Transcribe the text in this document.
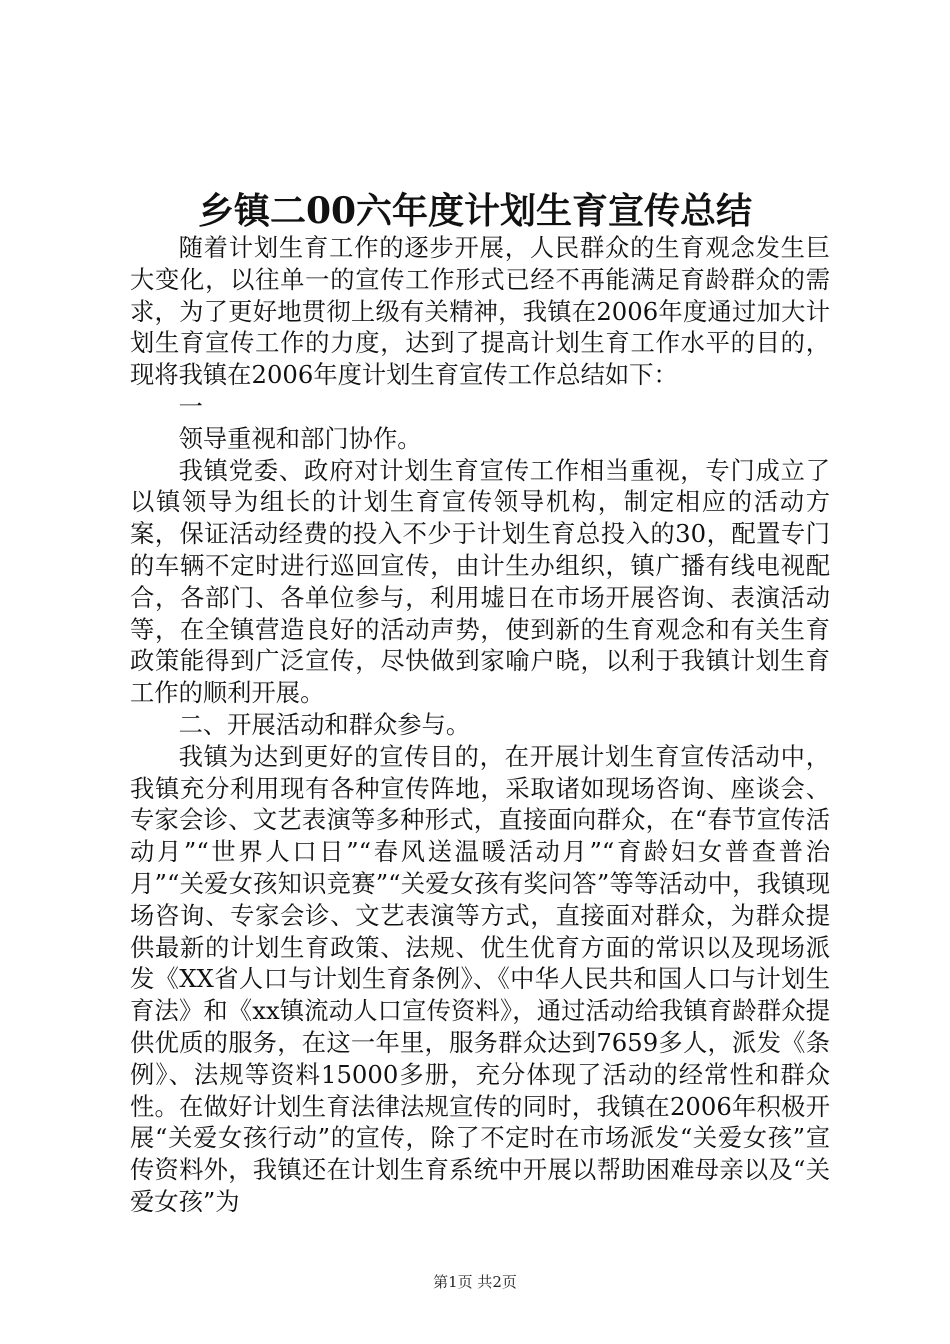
乡镇二00六年度计划生育宣传总结

随着计划生育工作的逐步开展，人民群众的生育观念发生巨大变化，以往单一的宣传工作形式已经不再能满足育龄群众的需求，为了更好地贯彻上级有关精神，我镇在2006年度通过加大计划生育宣传工作的力度，达到了提高计划生育工作水平的目的，现将我镇在2006年度计划生育宣传工作总结如下：

一

领导重视和部门协作。

我镇党委、政府对计划生育宣传工作相当重视，专门成立了以镇领导为组长的计划生育宣传领导机构，制定相应的活动方案，保证活动经费的投入不少于计划生育总投入的30，配置专门的车辆不定时进行巡回宣传，由计生办组织，镇广播有线电视配合，各部门、各单位参与，利用墟日在市场开展咨询、表演活动等，在全镇营造良好的活动声势，使到新的生育观念和有关生育政策能得到广泛宣传，尽快做到家喻户晓，以利于我镇计划生育工作的顺利开展。

二、开展活动和群众参与。

我镇为达到更好的宣传目的，在开展计划生育宣传活动中，我镇充分利用现有各种宣传阵地，采取诸如现场咨询、座谈会、专家会诊、文艺表演等多种形式，直接面向群众，在“春节宣传活动月”“世界人口日”“春风送温暖活动月”“育龄妇女普查普治月”“关爱女孩知识竞赛”“关爱女孩有奖问答”等等活动中，我镇现场咨询、专家会诊、文艺表演等方式，直接面对群众，为群众提供最新的计划生育政策、法规、优生优育方面的常识以及现场派发《XX省人口与计划生育条例》、《中华人民共和国人口与计划生育法》和《xx镇流动人口宣传资料》，通过活动给我镇育龄群众提供优质的服务，在这一年里，服务群众达到7659多人，派发《条例》、法规等资料15000多册，充分体现了活动的经常性和群众性。在做好计划生育法律法规宣传的同时，我镇在2006年积极开展“关爱女孩行动”的宣传，除了不定时在市场派发“关爱女孩”宣传资料外，我镇还在计划生育系统中开展以帮助困难母亲以及“关爱女孩”为

第1页 共2页
